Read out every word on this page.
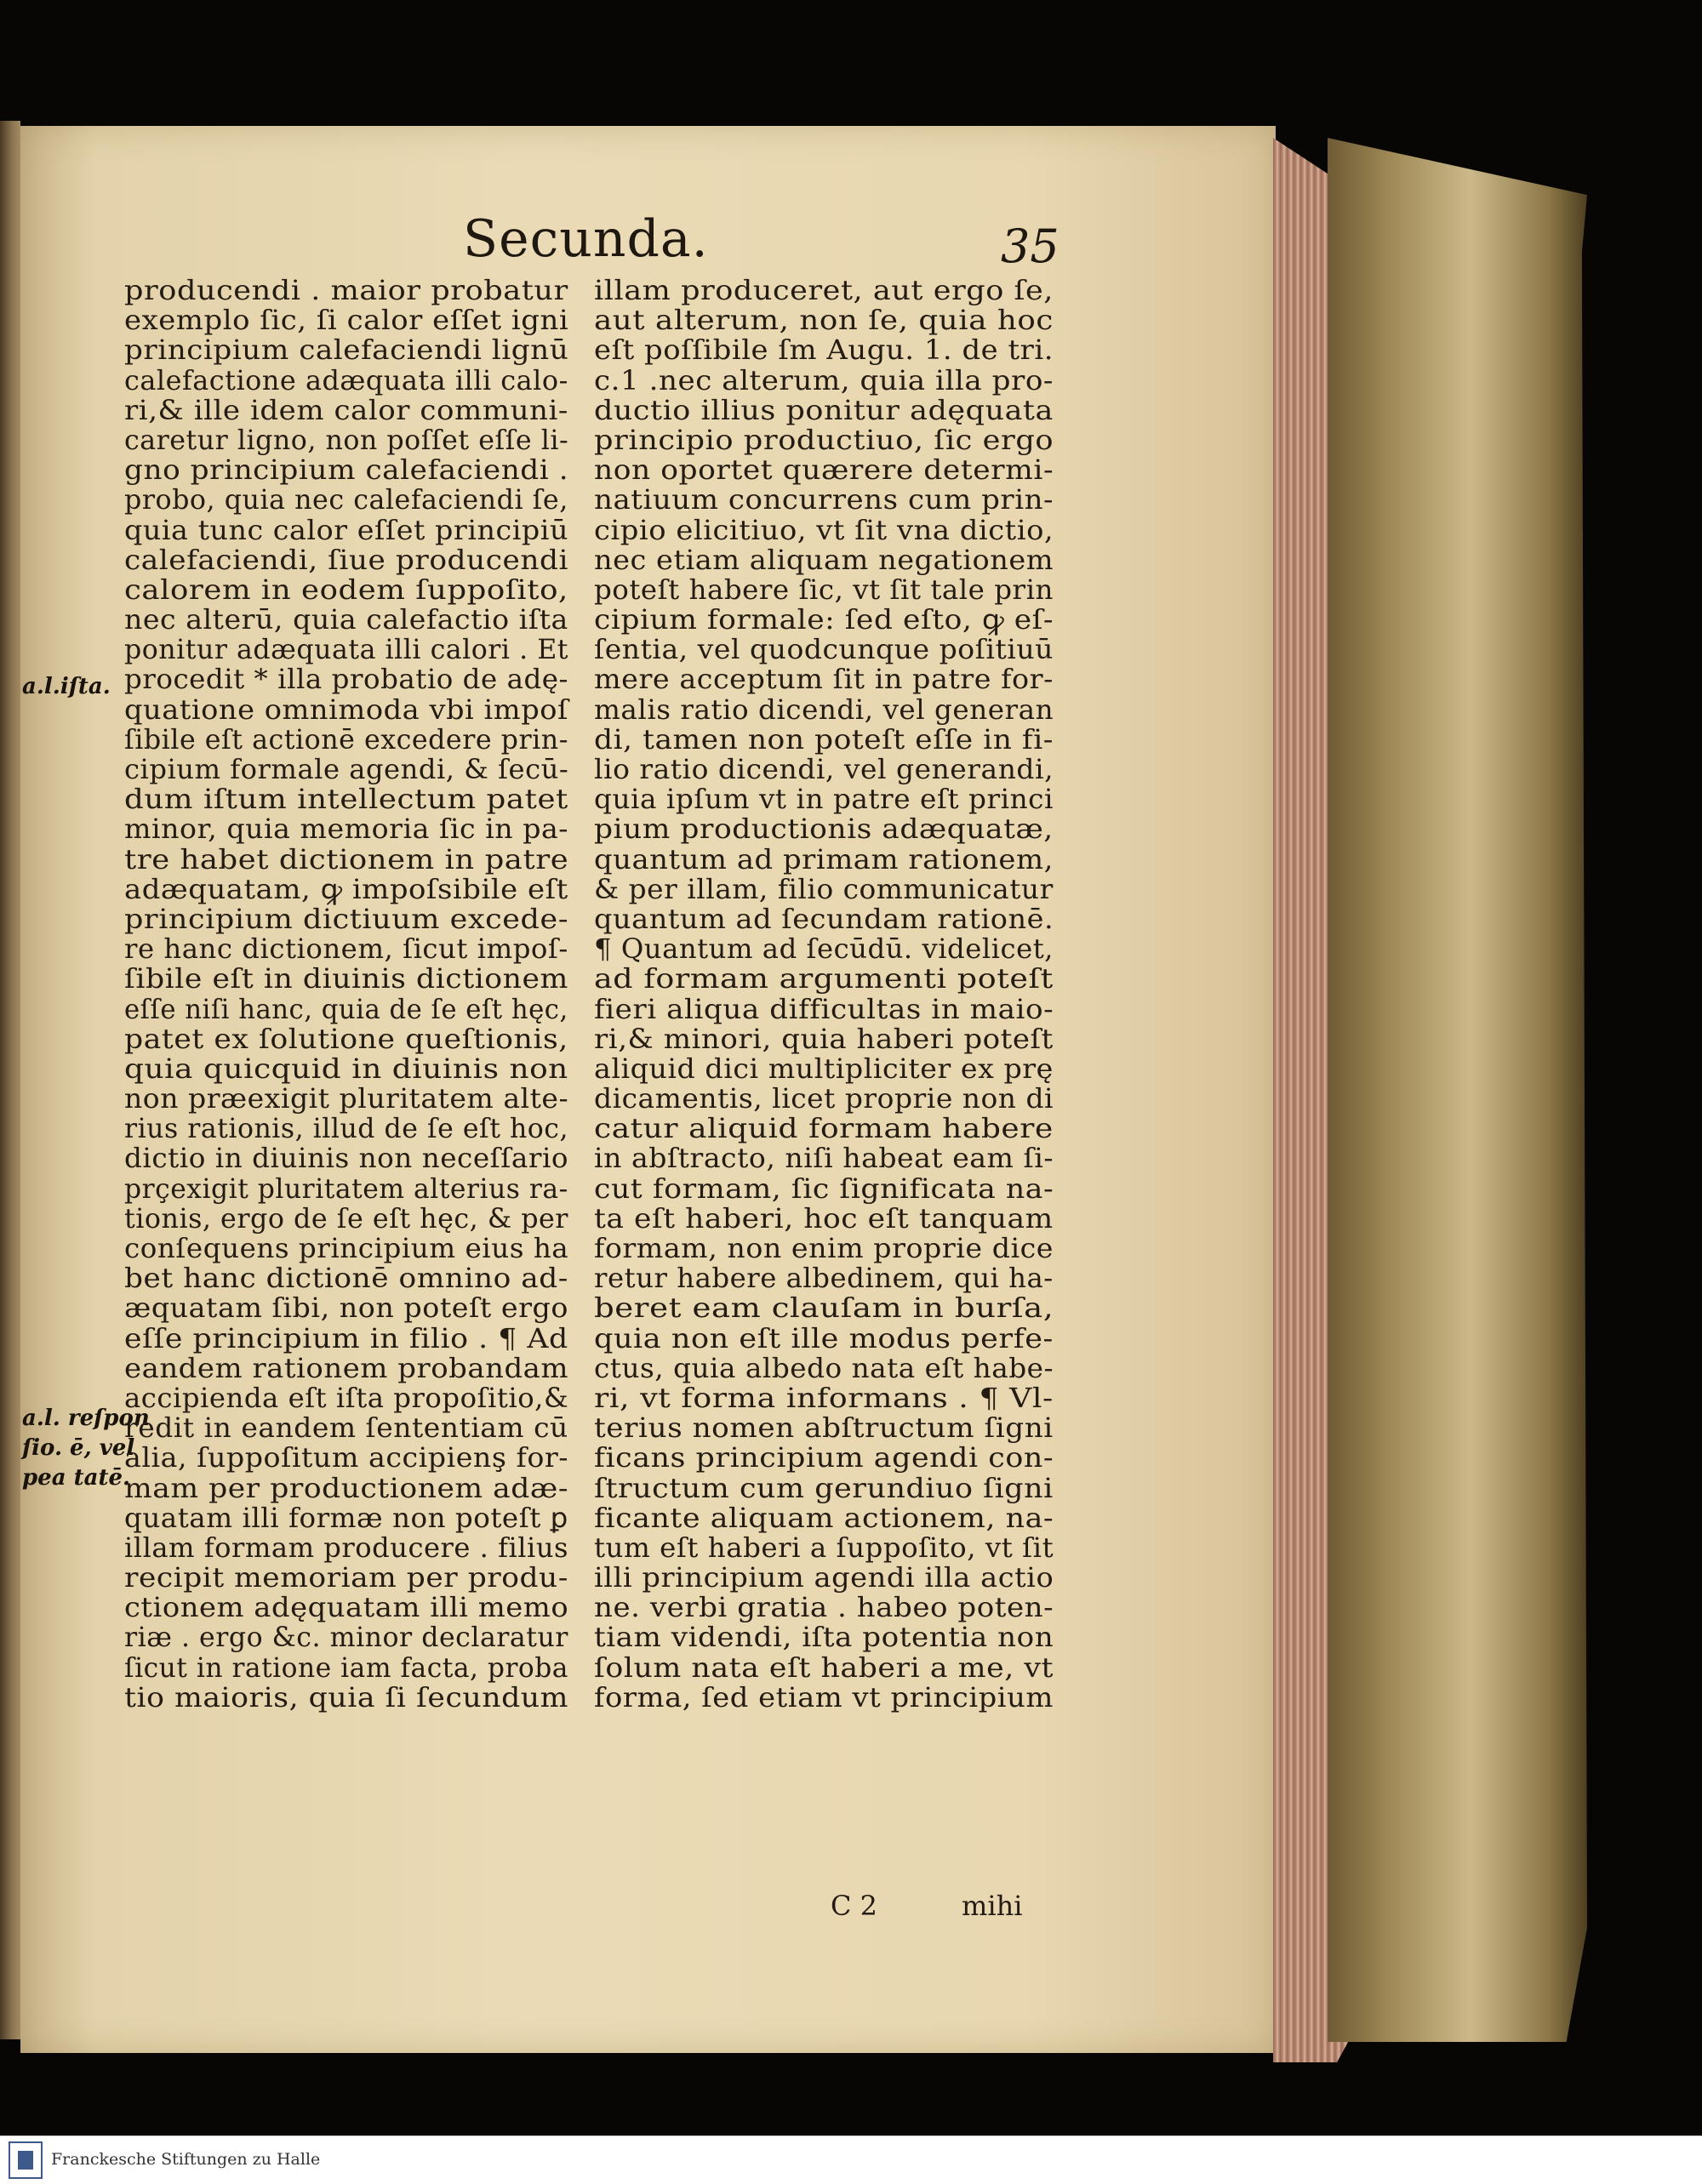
Secunda.	35

a.l.iſta.

a.l. reſpon

ſio. ē, vel

pea tatē.

producendi . maior probatur
exemplo ſic, ſi calor eſſet igni
principium calefaciendi lignū
calefactione adæquata illi calo-
ri,& ille idem calor communi-
caretur ligno, non poſſet eſſe li-
gno principium calefaciendi .
probo, quia nec calefaciendi ſe,
quia tunc calor eſſet principiū
calefaciendi, ſiue producendi
calorem in eodem ſuppoſito,
nec alterū, quia calefactio iſta
ponitur adæquata illi calori . Et
procedit * illa probatio de adę-
quatione omnimoda vbi impoſ
ſibile eſt actionē excedere prin-
cipium formale agendi, & ſecū-
dum iſtum intellectum patet
minor, quia memoria ſic in pa-
tre habet dictionem in patre
adæquatam, ꝙ impoſsibile eſt
principium dictiuum excede-
re hanc dictionem, ſicut impoſ-
ſibile eſt in diuinis dictionem
eſſe niſi hanc, quia de ſe eſt hęc,
patet ex ſolutione queſtionis,
quia quicquid in diuinis non
non præexigit pluritatem alte-
rius rationis, illud de ſe eſt hoc,
dictio in diuinis non neceſſario
prçexigit pluritatem alterius ra-
tionis, ergo de ſe eſt hęc, & per
conſequens principium eius ha
bet hanc dictionē omnino ad-
æquatam ſibi, non poteſt ergo
eſſe principium in filio . ¶ Ad
eandem rationem probandam
accipienda eſt iſta propoſitio,&
redit in eandem ſententiam cū
alia, ſuppoſitum accipienş for-
mam per productionem adæ-
quatam illi formæ non poteſt ꝑ
illam formam producere . filius
recipit memoriam per produ-
ctionem adęquatam illi memo
riæ . ergo &c. minor declaratur
ſicut in ratione iam facta, proba
tio maioris, quia ſi ſecundum
illam produceret, aut ergo ſe,
aut alterum, non ſe, quia hoc
eſt poſſibile ſm Augu. 1. de tri.
c.1 .nec alterum, quia illa pro-
ductio illius ponitur adęquata
principio productiuo, ſic ergo
non oportet quærere determi-
natiuum concurrens cum prin-
cipio elicitiuo, vt ſit vna dictio,
nec etiam aliquam negationem
poteſt habere ſic, vt ſit tale prin
cipium formale: ſed eſto, ꝙ eſ-
ſentia, vel quodcunque poſitiuū
mere acceptum ſit in patre for-
malis ratio dicendi, vel generan
di, tamen non poteſt eſſe in fi-
lio ratio dicendi, vel generandi,
quia ipſum vt in patre eſt princi
pium productionis adæquatæ,
quantum ad primam rationem,
& per illam, filio communicatur
quantum ad ſecundam rationē.
¶ Quantum ad ſecūdū. videlicet,
ad formam argumenti poteſt
fieri aliqua difficultas in maio-
ri,& minori, quia haberi poteſt
aliquid dici multipliciter ex prę
dicamentis, licet proprie non di
catur aliquid formam habere
in abſtracto, niſi habeat eam ſi-
cut formam, ſic ſignificata na-
ta eſt haberi, hoc eſt tanquam
formam, non enim proprie dice
retur habere albedinem, qui ha-
beret eam clauſam in burſa,
quia non eſt ille modus perfe-
ctus, quia albedo nata eſt habe-
ri, vt forma informans . ¶ Vl-
terius nomen abſtructum ſigni
ficans principium agendi con-
ſtructum cum gerundiuo ſigni
ficante aliquam actionem, na-
tum eſt haberi a ſuppoſito, vt ſit
illi principium agendi illa actio
ne. verbi gratia . habeo poten-
tiam videndi, iſta potentia non
ſolum nata eſt haberi a me, vt
forma, ſed etiam vt principium

C 2	mihi

Franckesche Stiftungen zu Halle
